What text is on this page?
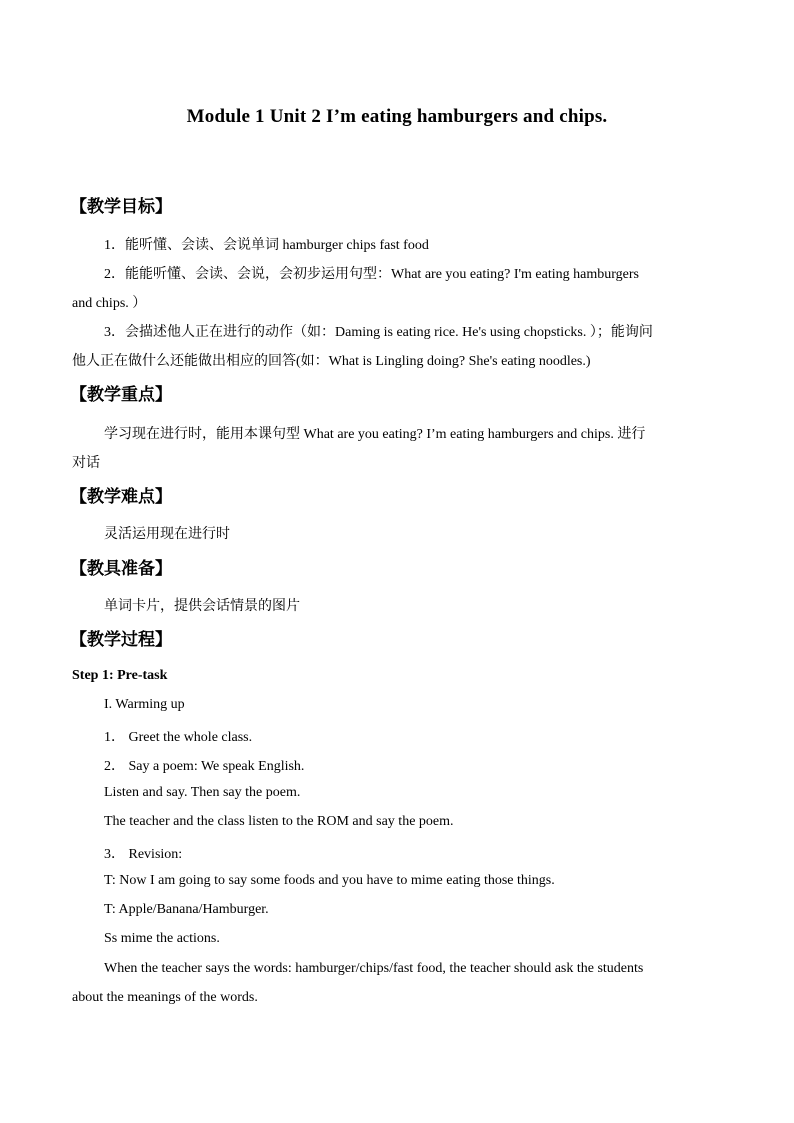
Module 1 Unit 2 I’m eating hamburgers and chips.
【教学目标】
1．能听懂、会读、会说单词 hamburger chips fast food
2．能能听懂、会读、会说，会初步运用句型：What are you eating? I'm eating hamburgers
and chips. ）
3．会描述他人正在进行的动作（如：Daming is eating rice. He's using chopsticks. ）；能询问
他人正在做什么还能做出相应的回答(如：What is Lingling doing? She's eating noodles.)
【教学重点】
学习现在进行时，能用本课句型 What are you eating? I’m eating hamburgers and chips. 进行
对话
【教学难点】
灵活运用现在进行时
【教具准备】
单词卡片，提供会话情景的图片
【教学过程】
Step 1: Pre-task
I. Warming up
1． Greet the whole class.
2． Say a poem: We speak English.
Listen and say. Then say the poem.
The teacher and the class listen to the ROM and say the poem.
3． Revision:
T: Now I am going to say some foods and you have to mime eating those things.
T: Apple/Banana/Hamburger.
Ss mime the actions.
When the teacher says the words: hamburger/chips/fast food, the teacher should ask the students
about the meanings of the words.
